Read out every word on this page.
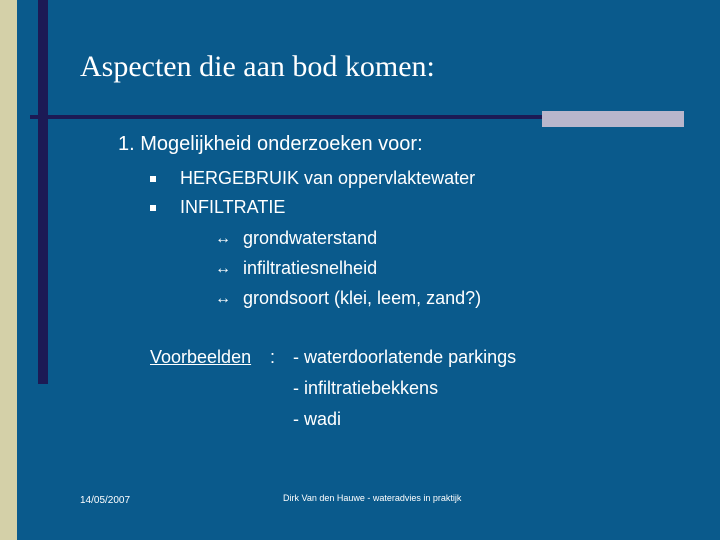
Aspecten die aan bod komen:
1. Mogelijkheid onderzoeken voor:
HERGEBRUIK van oppervlaktewater
INFILTRATIE
↔ grondwaterstand
↔ infiltratiesnelheid
↔ grondsoort (klei, leem, zand?)
Voorbeelden : - waterdoorlatende parkings
- infiltratiebekkens
- wadi
14/05/2007	Dirk Van den Hauwe - wateradvies in praktijk
